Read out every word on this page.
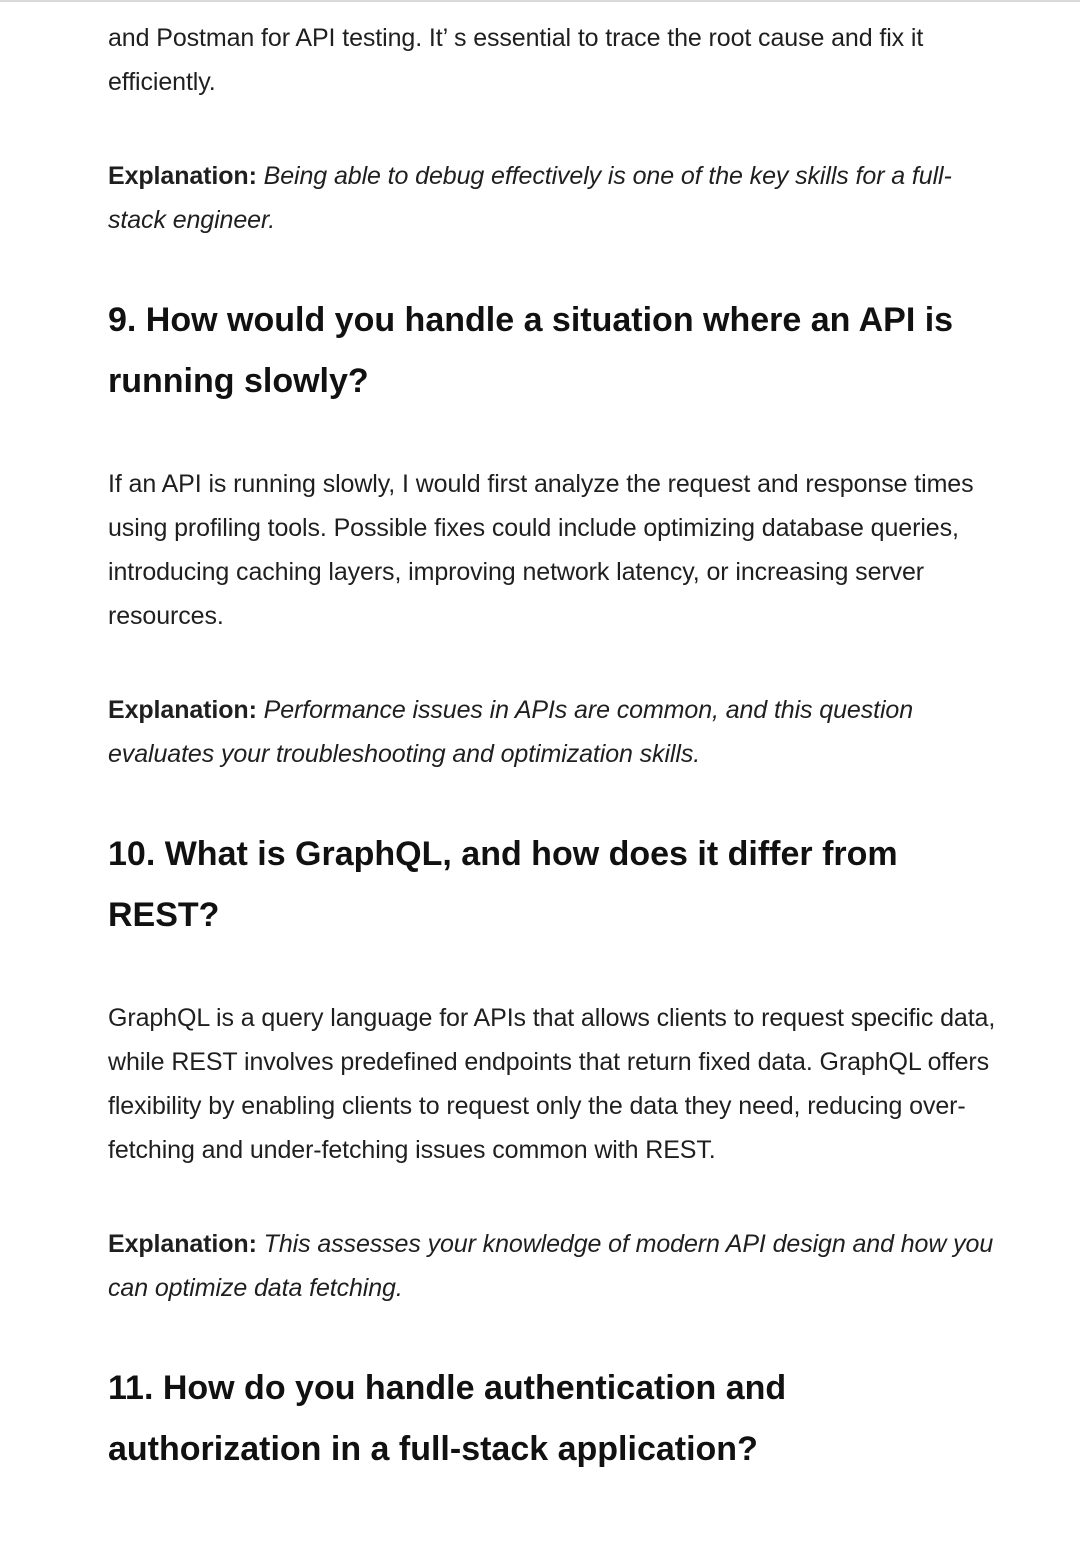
and Postman for API testing. It’ s essential to trace the root cause and fix it efficiently.

Explanation: Being able to debug effectively is one of the key skills for a full-stack engineer.

9. How would you handle a situation where an API is running slowly?

If an API is running slowly, I would first analyze the request and response times using profiling tools. Possible fixes could include optimizing database queries, introducing caching layers, improving network latency, or increasing server resources.

Explanation: Performance issues in APIs are common, and this question evaluates your troubleshooting and optimization skills.

10. What is GraphQL, and how does it differ from REST?

GraphQL is a query language for APIs that allows clients to request specific data, while REST involves predefined endpoints that return fixed data. GraphQL offers flexibility by enabling clients to request only the data they need, reducing over-fetching and under-fetching issues common with REST.

Explanation: This assesses your knowledge of modern API design and how you can optimize data fetching.

11. How do you handle authentication and authorization in a full-stack application?
